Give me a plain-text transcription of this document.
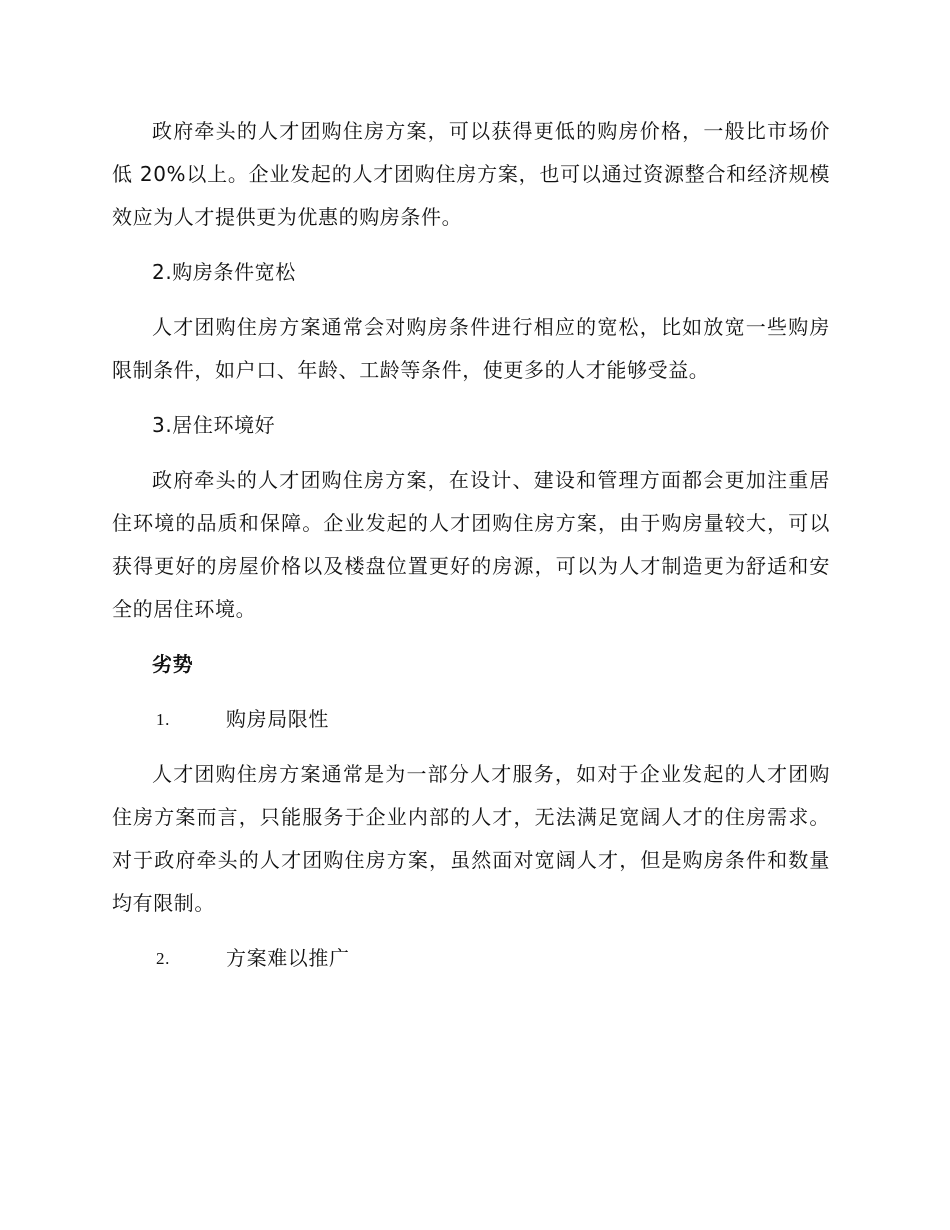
政府牵头的人才团购住房方案，可以获得更低的购房价格，一般比市场价低 20%以上。企业发起的人才团购住房方案，也可以通过资源整合和经济规模效应为人才提供更为优惠的购房条件。

2.购房条件宽松

人才团购住房方案通常会对购房条件进行相应的宽松，比如放宽一些购房限制条件，如户口、年龄、工龄等条件，使更多的人才能够受益。

3.居住环境好

政府牵头的人才团购住房方案，在设计、建设和管理方面都会更加注重居住环境的品质和保障。企业发起的人才团购住房方案，由于购房量较大，可以获得更好的房屋价格以及楼盘位置更好的房源，可以为人才制造更为舒适和安全的居住环境。

劣势
1.	购房局限性

人才团购住房方案通常是为一部分人才服务，如对于企业发起的人才团购住房方案而言，只能服务于企业内部的人才，无法满足宽阔人才的住房需求。对于政府牵头的人才团购住房方案，虽然面对宽阔人才，但是购房条件和数量均有限制。

2.	方案难以推广
